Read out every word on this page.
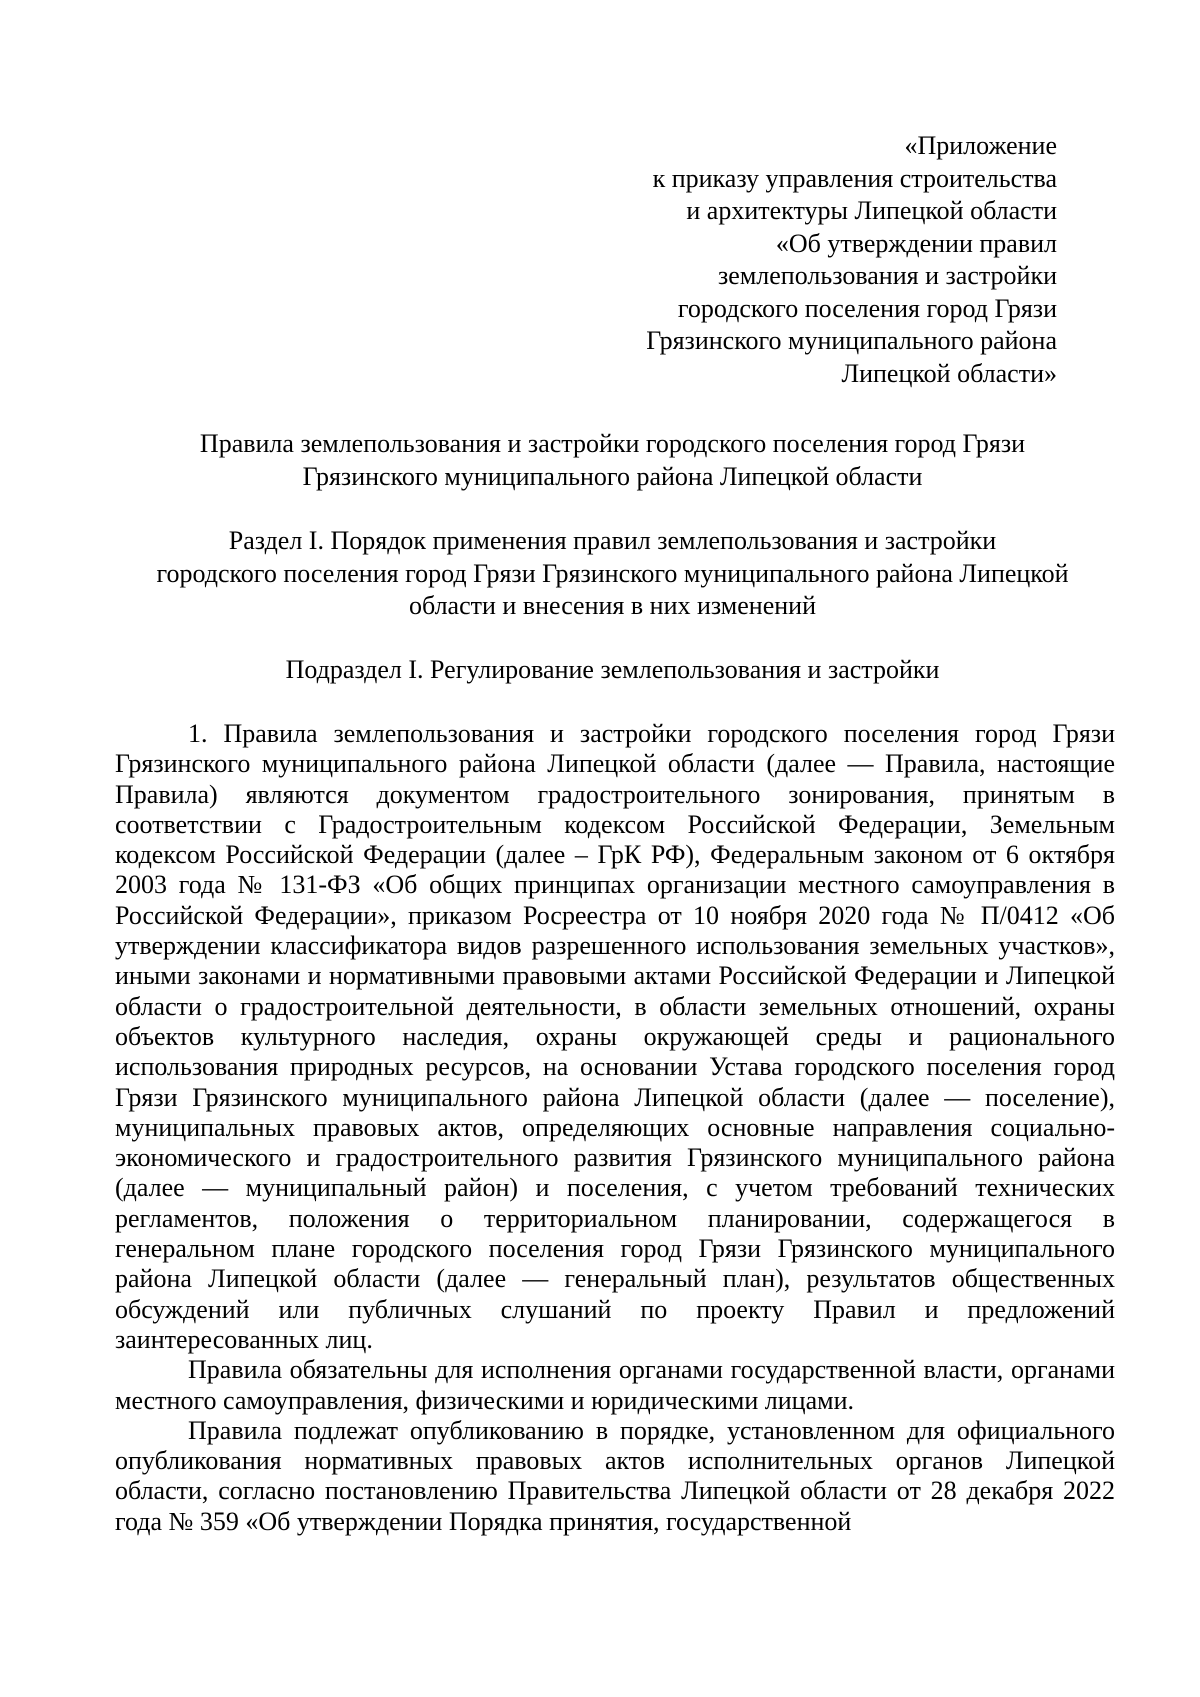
«Приложение
к приказу управления строительства
и архитектуры Липецкой области
«Об утверждении правил
землепользования и застройки
городского поселения город Грязи
Грязинского муниципального района
Липецкой области»
Правила землепользования и застройки городского поселения город Грязи
Грязинского муниципального района Липецкой области
Раздел I. Порядок применения правил землепользования и застройки
городского поселения город Грязи Грязинского муниципального района Липецкой
области и внесения в них изменений
Подраздел I. Регулирование землепользования и застройки

1. Правила землепользования и застройки городского поселения город Грязи Грязинского муниципального района Липецкой области (далее — Правила, настоящие Правила) являются документом градостроительного зонирования, принятым в соответствии с Градостроительным кодексом Российской Федерации, Земельным кодексом Российской Федерации (далее – ГрК РФ), Федеральным законом от 6 октября 2003 года № 131-ФЗ «Об общих принципах организации местного самоуправления в Российской Федерации», приказом Росреестра от 10 ноября 2020 года № П/0412 «Об утверждении классификатора видов разрешенного использования земельных участков», иными законами и нормативными правовыми актами Российской Федерации и Липецкой области о градостроительной деятельности, в области земельных отношений, охраны объектов культурного наследия, охраны окружающей среды и рационального использования природных ресурсов, на основании Устава городского поселения город Грязи Грязинского муниципального района Липецкой области (далее — поселение), муниципальных правовых актов, определяющих основные направления социально-экономического и градостроительного развития Грязинского муниципального района (далее — муниципальный район) и поселения, с учетом требований технических регламентов, положения о территориальном планировании, содержащегося в генеральном плане городского поселения город Грязи Грязинского муниципального района Липецкой области (далее — генеральный план), результатов общественных обсуждений или публичных слушаний по проекту Правил и предложений заинтересованных лиц.

Правила обязательны для исполнения органами государственной власти, органами местного самоуправления, физическими и юридическими лицами.

Правила подлежат опубликованию в порядке, установленном для официального опубликования нормативных правовых актов исполнительных органов Липецкой области, согласно постановлению Правительства Липецкой области от 28 декабря 2022 года № 359 «Об утверждении Порядка принятия, государственной
